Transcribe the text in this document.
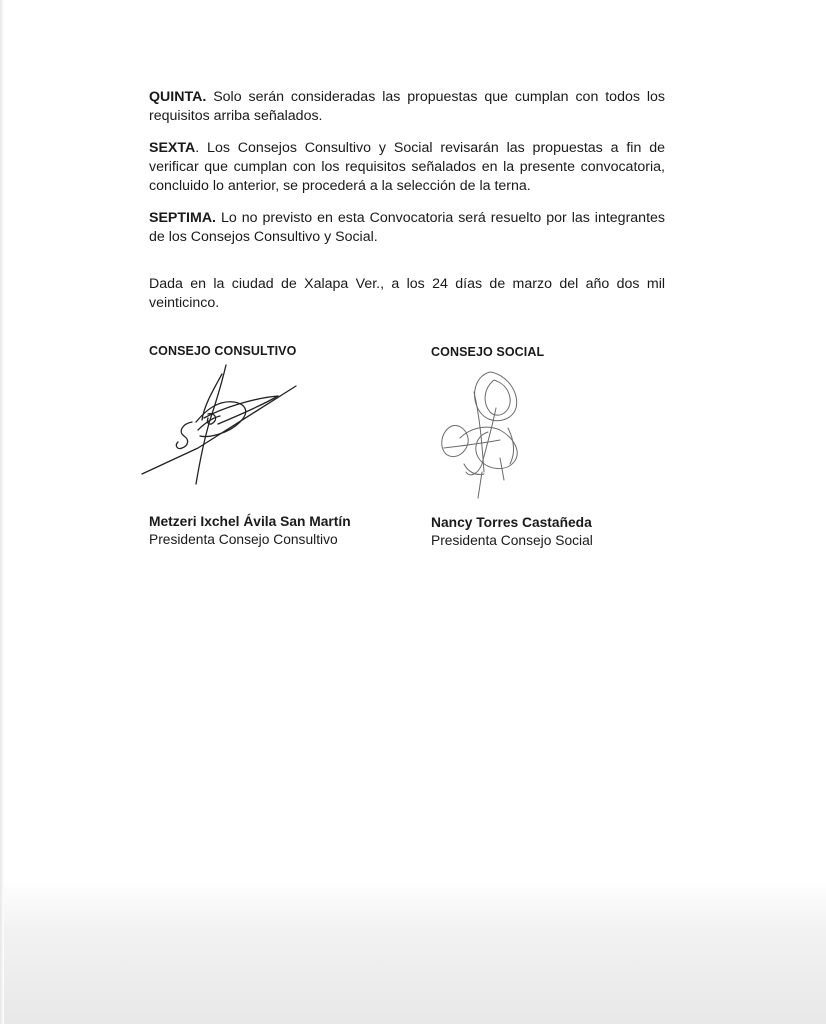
QUINTA. Solo serán consideradas las propuestas que cumplan con todos los requisitos arriba señalados.

SEXTA. Los Consejos Consultivo y Social revisarán las propuestas a fin de verificar que cumplan con los requisitos señalados en la presente convocatoria, concluido lo anterior, se procederá a la selección de la terna.

SEPTIMA. Lo no previsto en esta Convocatoria será resuelto por las integrantes de los Consejos Consultivo y Social.

Dada en la ciudad de Xalapa Ver., a los 24 días de marzo del año dos mil veinticinco.

CONSEJO CONSULTIVO	CONSEJO SOCIAL
Metzeri Ixchel Ávila San Martín
Presidenta Consejo Consultivo
Nancy Torres Castañeda
Presidenta Consejo Social
